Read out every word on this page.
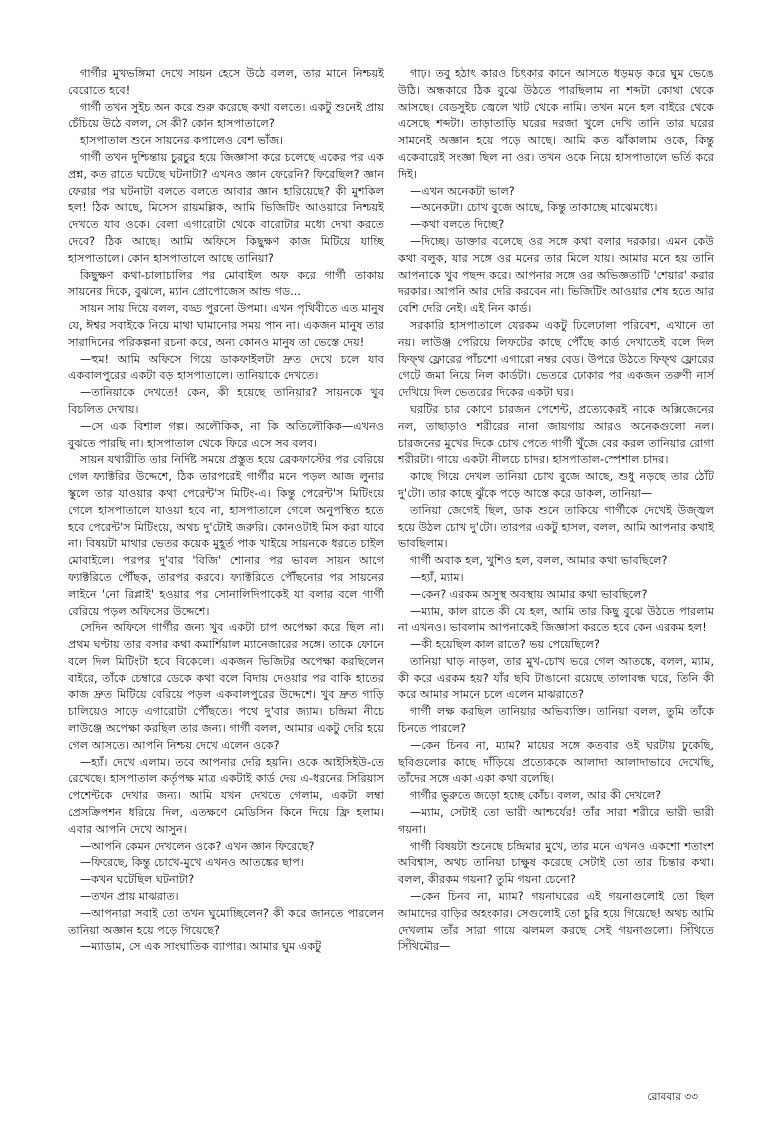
গার্গীর মুখভঙ্গিমা দেখে সায়ন হেসে উঠে বলল, তার মানে নিশ্চয়ই বেরোতে হবে!

গার্গী তখন সুইচ অন করে শুরু করেছে কথা বলতে। একটু শুনেই প্রায় চেঁচিয়ে উঠে বলল, সে কী? কোন হাসপাতালে?

হাসপাতাল শুনে সায়নের কপালেও বেশ ভাঁজ।

গার্গী তখন দুশ্চিন্তায় চুরচুর হয়ে জিজ্ঞাসা করে চলেছে একের পর এক প্রশ্ন, কত রাতে ঘটেছে ঘটনাটা? এখনও জ্ঞান ফেরেনি? ফিরেছিল? জ্ঞান ফেরার পর ঘটনাটা বলতে বলতে আবার জ্ঞান হারিয়েছে? কী মুশকিল হল! ঠিক আছে, মিসেস রায়মল্লিক, আমি ভিজিটিং আওয়ারে নিশ্চয়ই দেখতে যাব ওকে। বেলা এগারোটা থেকে বারোটার মধ্যে দেখা করতে দেবে? ঠিক আছে। আমি অফিসে কিছুক্ষণ কাজ মিটিয়ে যাচ্ছি হাসপাতালে। কোন হাসপাতালে আছে তানিয়া?

কিছুক্ষণ কথা-চালাচালির পর মোবাইল অফ করে গার্গী তাকায় সায়নের দিকে, বুঝলে, ম্যান প্রোপোজেস আন্ড গড...

সায়ন সায় দিয়ে বলল, বড্ড পুরনো উপমা। এখন পৃথিবীতে এত মানুষ যে, ঈশ্বর সবাইকে নিয়ে মাথা ঘামানোর সময় পান না। একজন মানুষ তার সারাদিনের পরিকল্পনা রচনা করে, অন্য কোনও মানুষ তা ভেস্তে দেয়!

—হুম! আমি অফিসে গিয়ে ডাকফাইলটা দ্রুত দেখে চলে যাব একবালপুরের একটা বড় হাসপাতালে। তানিয়াকে দেখতে।

—তানিয়াকে দেখতে! কেন, কী হয়েছে তানিয়ার? সায়নকে খুব বিচলিত দেখায়।

—সে এক বিশাল গল্প। অলৌকিক, না কি অতিলৌকিক—এখনও বুঝতে পারছি না। হাসপাতাল থেকে ফিরে এসে সব বলব।

সায়ন যথারীতি তার নির্দিষ্ট সময়ে প্রস্তুত হয়ে ব্রেকফাস্টের পর বেরিয়ে গেল ফ্যাক্টরির উদ্দেশে, ঠিক তারপরেই গার্গীর মনে পড়ল আজ লুনার স্কুলে তার যাওয়ার কথা পেরেন্ট'স মিটিং-এ। কিন্তু পেরেন্ট'স মিটিংয়ে গেলে হাসপাতালে যাওয়া হবে না, হাসপাতালে গেলে অনুপস্থিত হতে হবে পেরেন্ট'স মিটিংয়ে, অথচ দু'টোই জরুরি। কোনওটাই মিস করা যাবে না। বিষয়টা মাথার ভেতর কয়েক মুহূর্ত পাক খাইয়ে সায়নকে ধরতে চাইল মোবাইলে। পরপর দু'বার 'বিজি' শোনার পর ভাবল সায়ন আগে ফ্যাক্টরিতে পৌঁছক, তারপর করবে। ফ্যাক্টরিতে পৌঁছনোর পর সায়নের লাইনে 'নো রিপ্লাই' হওয়ার পর সোনালিদিপাকেই যা বলার বলে গার্গী বেরিয়ে পড়ল অফিসের উদ্দেশে।

সেদিন অফিসে গার্গীর জন্য খুব একটা চাপ অপেক্ষা করে ছিল না। প্রথম ঘণ্টায় তার বসার কথা কমার্শিয়াল ম্যানেজারের সঙ্গে। তাকে ফোনে বলে দিল মিটিংটা হবে বিকেলে। একজন ভিজিটর অপেক্ষা করছিলেন বাইরে, তাঁকে চেম্বারে ডেকে কথা বলে বিদায় দেওয়ার পর বাকি হাতের কাজ দ্রুত মিটিয়ে বেরিয়ে পড়ল একবালপুরের উদ্দেশে। খুব দ্রুত গাড়ি চালিয়েও সাড়ে এগারোটা পৌঁছতে। পথে দু'বার জ্যাম। চন্দ্রিমা নীচে লাউঞ্জে অপেক্ষা করছিল তার জন্য। গার্গী বলল, আমার একটু দেরি হয়ে গেল আসতে। আপনি নিশ্চয় দেখে এলেন ওকে?

—হ্যাঁ। দেখে এলাম। তবে আপনার দেরি হয়নি। ওকে আইসিইউ-তে রেখেছে। হাসপাতাল কর্তৃপক্ষ মাত্র একটাই কার্ড দেয় এ-ধরনের সিরিয়াস পেশেন্টকে দেখার জন্য। আমি যখন দেখতে গেলাম, একটা লম্বা প্রেসক্রিপশন ধরিয়ে দিল, এতক্ষণে মেডিসিন কিনে দিয়ে ফ্রি হলাম। এবার আপনি দেখে আসুন।

—আপনি কেমন দেখলেন ওকে? এখন জ্ঞান ফিরেছে?

—ফিরেছে, কিন্তু চোখে-মুখে এখনও আতঙ্কের ছাপ।

—কখন ঘটেছিল ঘটনাটা?

—তখন প্রায় মাঝরাত।

—আপনারা সবাই তো তখন ঘুমোচ্ছিলেন? কী করে জানতে পারলেন তানিয়া অজ্ঞান হয়ে পড়ে গিয়েছে?

—ম্যাডাম, সে এক সাংঘাতিক ব্যাপার। আমার ঘুম একটু

গাঢ়। তবু হঠাৎ কারও চিৎকার কানে আসতে ধড়মড় করে ঘুম ভেঙে উঠি। অন্ধকারে ঠিক বুঝে উঠতে পারছিলাম না শব্দটা কোথা থেকে আসছে। বেডসুইচ জ্বেলে খাট থেকে নামি। তখন মনে হল বাইরে থেকে এসেছে শব্দটা। তাড়াতাড়ি ঘরের দরজা খুলে দেখি তানি তার ঘরের সামনেই অজ্ঞান হয়ে পড়ে আছে। আমি কত ঝাঁকালাম ওকে, কিন্তু একেবারেই সংজ্ঞা ছিল না ওর। তখন ওকে নিয়ে হাসপাতালে ভর্তি করে দিই।

—এখন অনেকটা ভাল?

—অনেকটা। চোখ বুজে আছে, কিন্তু তাকাচ্ছে মাঝেমধ্যে।

—কথা বলতে দিচ্ছে?

—দিচ্ছে। ডাক্তার বলেছে ওর সঙ্গে কথা বলার দরকার। এমন কেউ কথা বলুক, যার সঙ্গে ওর মনের তার মিলে যায়। আমার মনে হয় তানি আপনাকে খুব পছন্দ করে। আপনার সঙ্গে ওর অভিজ্ঞতাটি 'শেয়ার' করার দরকার। আপনি আর দেরি করবেন না। ভিজিটিং আওয়ার শেষ হতে আর বেশি দেরি নেই। এই নিন কার্ড।

সরকারি হাসপাতালে যেরকম একটু ঢিলেঢালা পরিবেশ, এখানে তা নয়। লাউঞ্জ পেরিয়ে লিফটের কাছে পৌঁছে কার্ড দেখাতেই বলে দিল ফিফ্থ ফ্লোরের পাঁচশো এগারো নম্বর বেড। উপরে উঠতে ফিফ্থ ফ্লোরের গেটে জমা নিয়ে নিল কার্ডটা। ভেতরে ঢোকার পর একজন তরুণী নার্স দেখিয়ে দিল ভেতরের দিকের একটা ঘর।

ঘরটির চার কোণে চারজন পেশেন্ট, প্রত্যেকেরই নাকে অক্সিজেনের নল, তাছাড়াও শরীরের নানা জায়গায় আরও অনেকগুলো নল। চারজনের মুখের দিকে চোখ পেতে গার্গী খুঁজে বের করল তানিয়ার রোগা শরীরটা। গায়ে একটা নীলচে চাদর। হাসপাতাল-স্পেশাল চাদর।

কাছে গিয়ে দেখল তানিয়া চোখ বুজে আছে, শুধু নড়ছে তার ঠোঁট দু'টো। তার কাছে ঝুঁকে পড়ে আস্তে করে ডাকল, তানিয়া—

তানিয়া জেগেই ছিল, ডাক শুনে তাকিয়ে গার্গীকে দেখেই উজ্জ্বল হয়ে উঠল চোখ দু'টো। তারপর একটু হাসল, বলল, আমি আপনার কথাই ভাবছিলাম।

গার্গী অবাক হল, খুশিও হল, বলল, আমার কথা ভাবছিলে?

—হ্যাঁ, ম্যাম।

—কেন? এরকম অসুস্থ অবস্থায় আমার কথা ভাবছিলে?

—ম্যাম, কাল রাতে কী যে হল, আমি তার কিছু বুঝে উঠতে পারলাম না এখনও। ভাবলাম আপনাকেই জিজ্ঞাসা করতে হবে কেন এরকম হল!

—কী হয়েছিল কাল রাতে? ভয় পেয়েছিলে?

তানিয়া ঘাড় নাড়ল, তার মুখ-চোখ ভরে গেল আতঙ্কে, বলল, ম্যাম, কী করে এরকম হয়? যাঁর ছবি টাঙানো রয়েছে তালাবন্ধ ঘরে, তিনি কী করে আমার সামনে চলে এলেন মাঝরাতে?

গার্গী লক্ষ করছিল তানিয়ার অভিব্যক্তি। তানিয়া বলল, তুমি তাঁকে চিনতে পারলে?

—কেন চিনব না, ম্যাম? মায়ের সঙ্গে কতবার ওই ঘরটায় ঢুকেছি, ছবিগুলোর কাছে দাঁড়িয়ে প্রত্যেককে আলাদা আলাদাভাবে দেখেছি, তাঁদের সঙ্গে একা একা কথা বলেছি।

গার্গীর ভুরুতে জড়ো হচ্ছে কোঁচ। বলল, আর কী দেখলে?

—ম্যাম, সেটাই তো ভারী আশ্চর্যের! তাঁর সারা শরীরে ভারী ভারী গয়না।

গার্গী বিষয়টা শুনেছে চন্দ্রিমার মুখে, তার মনে এখনও একশো শতাংশ অবিশ্বাস, অথচ তানিয়া চাক্ষুষ করেছে সেটাই তো তার চিন্তার কথা। বলল, কীরকম গয়না? তুমি গয়না চেনো?

—কেন চিনব না, ম্যাম? গয়নাঘরের এই গয়নাগুলোই তো ছিল আমাদের বাড়ির অহংকার। সেগুলোই তো চুরি হয়ে গিয়েছে! অথচ আমি দেখলাম তাঁর সারা গায়ে ঝলমল করছে সেই গয়নাগুলো। সিঁথিতে সিঁথিমৌর—

রোববার ৩৩
